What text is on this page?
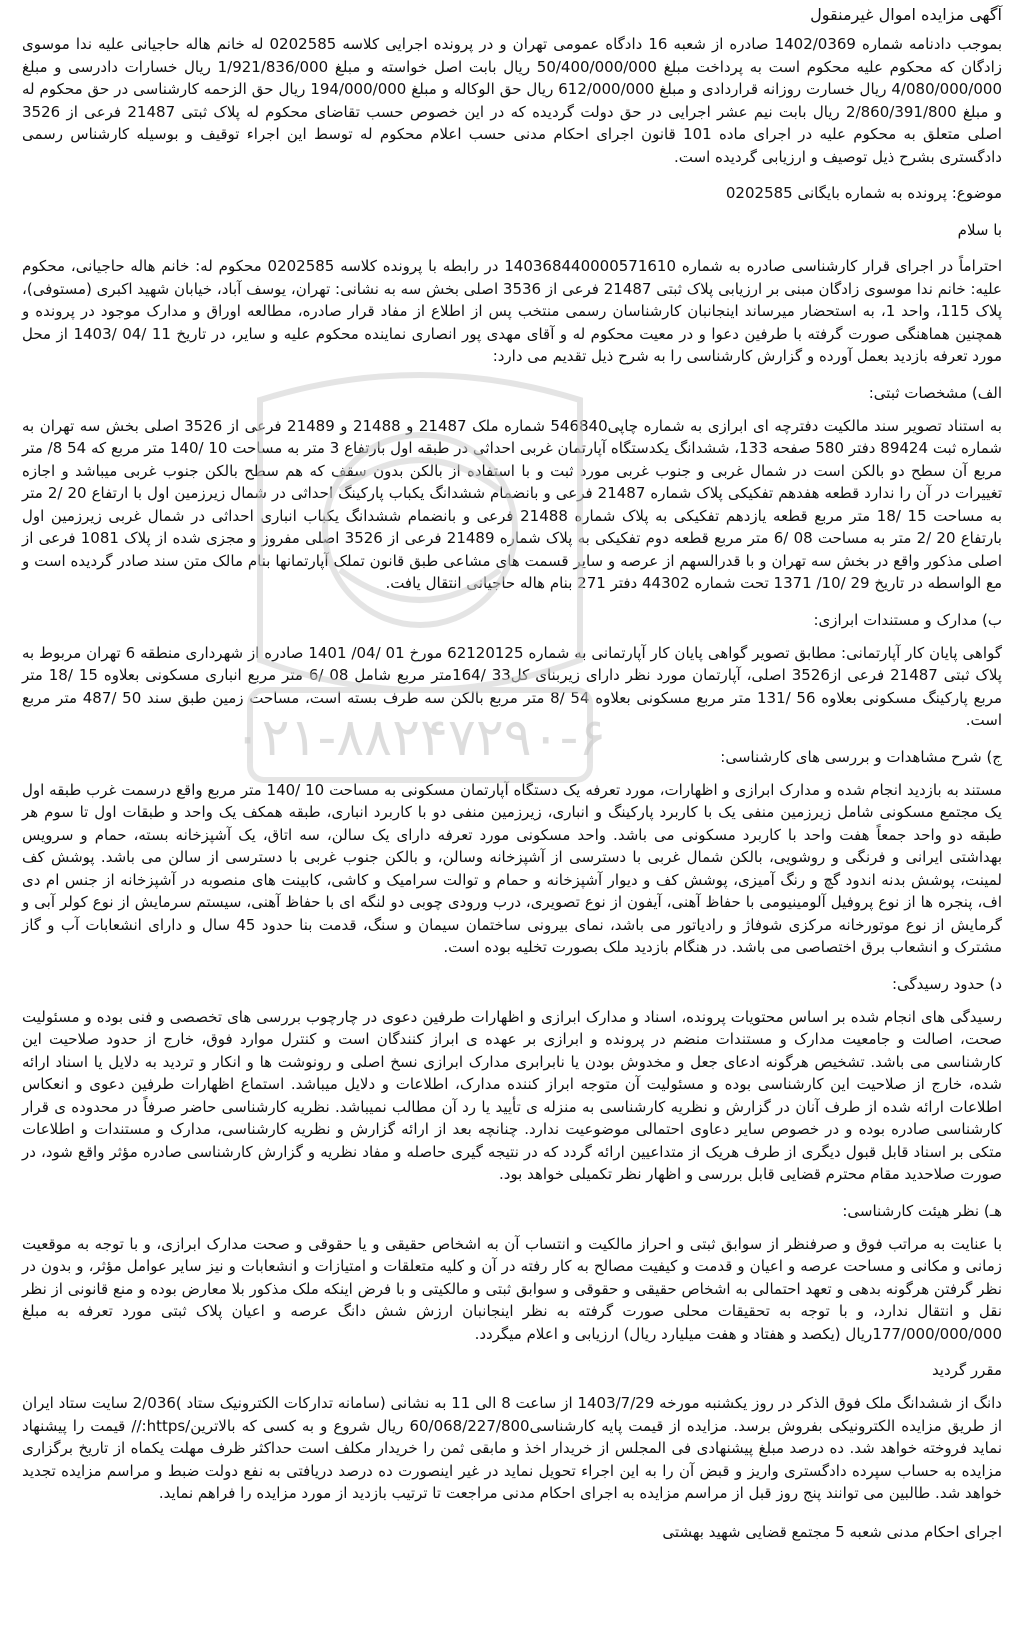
۰۲۱-۸۸۲۴۷۲۹۰-۶

آگهی مزایده اموال غیرمنقول

بموجب دادنامه شماره 1402/0369 صادره از شعبه 16 دادگاه عمومی تهران و در پرونده اجرایی کلاسه 0202585 له خانم هاله حاجیانی علیه ندا موسوی زادگان که محکوم علیه محکوم است به پرداخت مبلغ 50/400/000/000 ریال بابت اصل خواسته و مبلغ 1/921/836/000 ریال خسارات دادرسی و مبلغ 4/080/000/000 ریال خسارت روزانه قراردادی و مبلغ 612/000/000 ریال حق الوکاله و مبلغ 194/000/000 ریال حق الزحمه کارشناسی در حق محکوم له و مبلغ 2/860/391/800 ریال بابت نیم عشر اجرایی در حق دولت گردیده که در این خصوص حسب تقاضای محکوم له پلاک ثبتی 21487 فرعی از 3526 اصلی متعلق به محکوم علیه در اجرای ماده 101 قانون اجرای احکام مدنی حسب اعلام محکوم له توسط این اجراء توقیف و بوسیله کارشناس رسمی دادگستری بشرح ذیل توصیف و ارزیابی گردیده است.

موضوع: پرونده به شماره بایگانی 0202585

با سلام

احتراماً در اجرای قرار کارشناسی صادره به شماره 140368440000571610 در رابطه با پرونده کلاسه 0202585 محکوم له: خانم هاله حاجیانی، محکوم علیه: خانم ندا موسوی زادگان مبنی بر ارزیابی پلاک ثبتی 21487 فرعی از 3536 اصلی بخش سه به نشانی: تهران، یوسف آباد، خیابان شهید اکبری (مستوفی)، پلاک 115، واحد 1، به استحضار میرساند اینجانبان کارشناسان رسمی منتخب پس از اطلاع از مفاد قرار صادره، مطالعه اوراق و مدارک موجود در پرونده و همچنین هماهنگی صورت گرفته با طرفین دعوا و در معیت محکوم له و آقای مهدی پور انصاری نماینده محکوم علیه و سایر، در تاریخ 11 /04 /1403 از محل مورد تعرفه بازدید بعمل آورده و گزارش کارشناسی را به شرح ذیل تقدیم می دارد:

الف) مشخصات ثبتی:

به استناد تصویر سند مالکیت دفترچه ای ابرازی به شماره چاپی546840 شماره ملک 21487 و 21488 و 21489 فرعی از 3526 اصلی بخش سه تهران به شماره ثبت 89424 دفتر 580 صفحه 133، ششدانگ یکدستگاه آپارتمان غربی احداثی در طبقه اول بارتفاع 3 متر به مساحت 10 /140 متر مربع که 54 8/ متر مربع آن سطح دو بالکن است در شمال غربی و جنوب غربی مورد ثبت و با استفاده از بالکن بدون سقف که هم سطح بالکن جنوب غربی میباشد و اجازه تغییرات در آن را ندارد قطعه هفدهم تفکیکی پلاک شماره 21487 فرعی و بانضمام ششدانگ یکباب پارکینگ احداثی در شمال زیرزمین اول با ارتفاع 20 /2 متر به مساحت 15 /18 متر مربع قطعه یازدهم تفکیکی به پلاک شماره 21488 فرعی و بانضمام ششدانگ یکباب انباری احداثی در شمال غربی زیرزمین اول بارتفاع 20 /2 متر به مساحت 08 /6 متر مربع قطعه دوم تفکیکی به پلاک شماره 21489 فرعی از 3526 اصلی مفروز و مجزی شده از پلاک 1081 فرعی از اصلی مذکور واقع در بخش سه تهران و با قدرالسهم از عرصه و سایر قسمت های مشاعی طبق قانون تملک آپارتمانها بنام مالک متن سند صادر گردیده است و مع الواسطه در تاریخ 29 /10/ 1371 تحت شماره 44302 دفتر 271 بنام هاله حاجیانی انتقال یافت.

ب) مدارک و مستندات ابرازی:

گواهی پایان کار آپارتمانی: مطابق تصویر گواهی پایان کار آپارتمانی به شماره 62120125 مورخ 01 /04/ 1401 صادره از شهرداری منطقه 6 تهران مربوط به پلاک ثبتی 21487 فرعی از3526 اصلی، آپارتمان مورد نظر دارای زیربنای کل33 /164متر مربع شامل 08 /6 متر مربع انباری مسکونی بعلاوه 15 /18 متر مربع پارکینگ مسکونی بعلاوه 56 /131 متر مربع مسکونی بعلاوه 54 /8 متر مربع بالکن سه طرف بسته است، مساحت زمین طبق سند 50 /487 متر مربع است.

ج) شرح مشاهدات و بررسی های کارشناسی:

مستند به بازدید انجام شده و مدارک ابرازی و اظهارات، مورد تعرفه یک دستگاه آپارتمان مسکونی به مساحت 10 /140 متر مربع واقع درسمت غرب طبقه اول یک مجتمع مسکونی شامل زیرزمین منفی یک با کاربرد پارکینگ و انباری، زیرزمین منفی دو با کاربرد انباری، طبقه همکف یک واحد و طبقات اول تا سوم هر طبقه دو واحد جمعاً هفت واحد با کاربرد مسکونی می باشد. واحد مسکونی مورد تعرفه دارای یک سالن، سه اتاق، یک آشپزخانه بسته، حمام و سرویس بهداشتی ایرانی و فرنگی و روشویی، بالکن شمال غربی با دسترسی از آشپزخانه وسالن، و بالکن جنوب غربی با دسترسی از سالن می باشد. پوشش کف لمینت، پوشش بدنه اندود گچ و رنگ آمیزی، پوشش کف و دیوار آشپزخانه و حمام و توالت سرامیک و کاشی، کابینت های منصوبه در آشپزخانه از جنس ام دی اف، پنجره ها از نوع پروفیل آلومینیومی با حفاظ آهنی، آیفون از نوع تصویری، درب ورودی چوبی دو لنگه ای با حفاظ آهنی، سیستم سرمایش از نوع کولر آبی و گرمایش از نوع موتورخانه مرکزی شوفاژ و رادیاتور می باشد، نمای بیرونی ساختمان سیمان و سنگ، قدمت بنا حدود 45 سال و دارای انشعابات آب و گاز مشترک و انشعاب برق اختصاصی می باشد. در هنگام بازدید ملک بصورت تخلیه بوده است.

د) حدود رسیدگی:

رسیدگی های انجام شده بر اساس محتویات پرونده، اسناد و مدارک ابرازی و اظهارات طرفین دعوی در چارچوب بررسی های تخصصی و فنی بوده و مسئولیت صحت، اصالت و جامعیت مدارک و مستندات منضم در پرونده و ابرازی بر عهده ی ابراز کنندگان است و کنترل موارد فوق، خارج از حدود صلاحیت این کارشناسی می باشد. تشخیص هرگونه ادعای جعل و مخدوش بودن یا نابرابری مدارک ابرازی نسخ اصلی و رونوشت ها و انکار و تردید به دلایل یا اسناد ارائه شده، خارج از صلاحیت این کارشناسی بوده و مسئولیت آن متوجه ابراز کننده مدارک، اطلاعات و دلایل میباشد. استماع اظهارات طرفین دعوی و انعکاس اطلاعات ارائه شده از طرف آنان در گزارش و نظریه کارشناسی به منزله ی تأیید یا رد آن مطالب نمیباشد. نظریه کارشناسی حاضر صرفاً در محدوده ی قرار کارشناسی صادره بوده و در خصوص سایر دعاوی احتمالی موضوعیت ندارد. چنانچه بعد از ارائه گزارش و نظریه کارشناسی، مدارک و مستندات و اطلاعات متکی بر اسناد قابل قبول دیگری از طرف هریک از متداعیین ارائه گردد که در نتیجه گیری حاصله و مفاد نظریه و گزارش کارشناسی صادره مؤثر واقع شود، در صورت صلاحدید مقام محترم قضایی قابل بررسی و اظهار نظر تکمیلی خواهد بود.

هـ) نظر هیئت کارشناسی:

با عنایت به مراتب فوق و صرفنظر از سوابق ثبتی و احراز مالکیت و انتساب آن به اشخاص حقیقی و یا حقوقی و صحت مدارک ابرازی، و با توجه به موقعیت زمانی و مکانی و مساحت عرصه و اعیان و قدمت و کیفیت مصالح به کار رفته در آن و کلیه متعلقات و امتیازات و انشعابات و نیز سایر عوامل مؤثر، و بدون در نظر گرفتن هرگونه بدهی و تعهد احتمالی به اشخاص حقیقی و حقوقی و سوابق ثبتی و مالکیتی و با فرض اینکه ملک مذکور بلا معارض بوده و منع قانونی از نظر نقل و انتقال ندارد، و با توجه به تحقیقات محلی صورت گرفته به نظر اینجانبان ارزش شش دانگ عرصه و اعیان پلاک ثبتی مورد تعرفه به مبلغ 177/000/000/000ریال (یکصد و هفتاد و هفت میلیارد ریال) ارزیابی و اعلام میگردد.

مقرر گردید

دانگ از ششدانگ ملک فوق الذکر در روز یکشنبه مورخه 1403/7/29 از ساعت 8 الی 11 به نشانی (سامانه تدارکات الکترونیک ستاد )2/036 سایت ستاد ایران از طریق مزایده الکترونیکی بفروش برسد. مزایده از قیمت پایه کارشناسی60/068/227/800 ریال شروع و به کسی که بالاترین/https:// قیمت را پیشنهاد نماید فروخته خواهد شد. ده درصد مبلغ پیشنهادی فی المجلس از خریدار اخذ و مابقی ثمن را خریدار مکلف است حداکثر ظرف مهلت یکماه از تاریخ برگزاری مزایده به حساب سپرده دادگستری واریز و قبض آن را به این اجراء تحویل نماید در غیر اینصورت ده درصد دریافتی به نفع دولت ضبط و مراسم مزایده تجدید خواهد شد. طالبین می توانند پنج روز قبل از مراسم مزایده به اجرای احکام مدنی مراجعت تا ترتیب بازدید از مورد مزایده را فراهم نماید.

اجرای احکام مدنی شعبه 5 مجتمع قضایی شهید بهشتی
